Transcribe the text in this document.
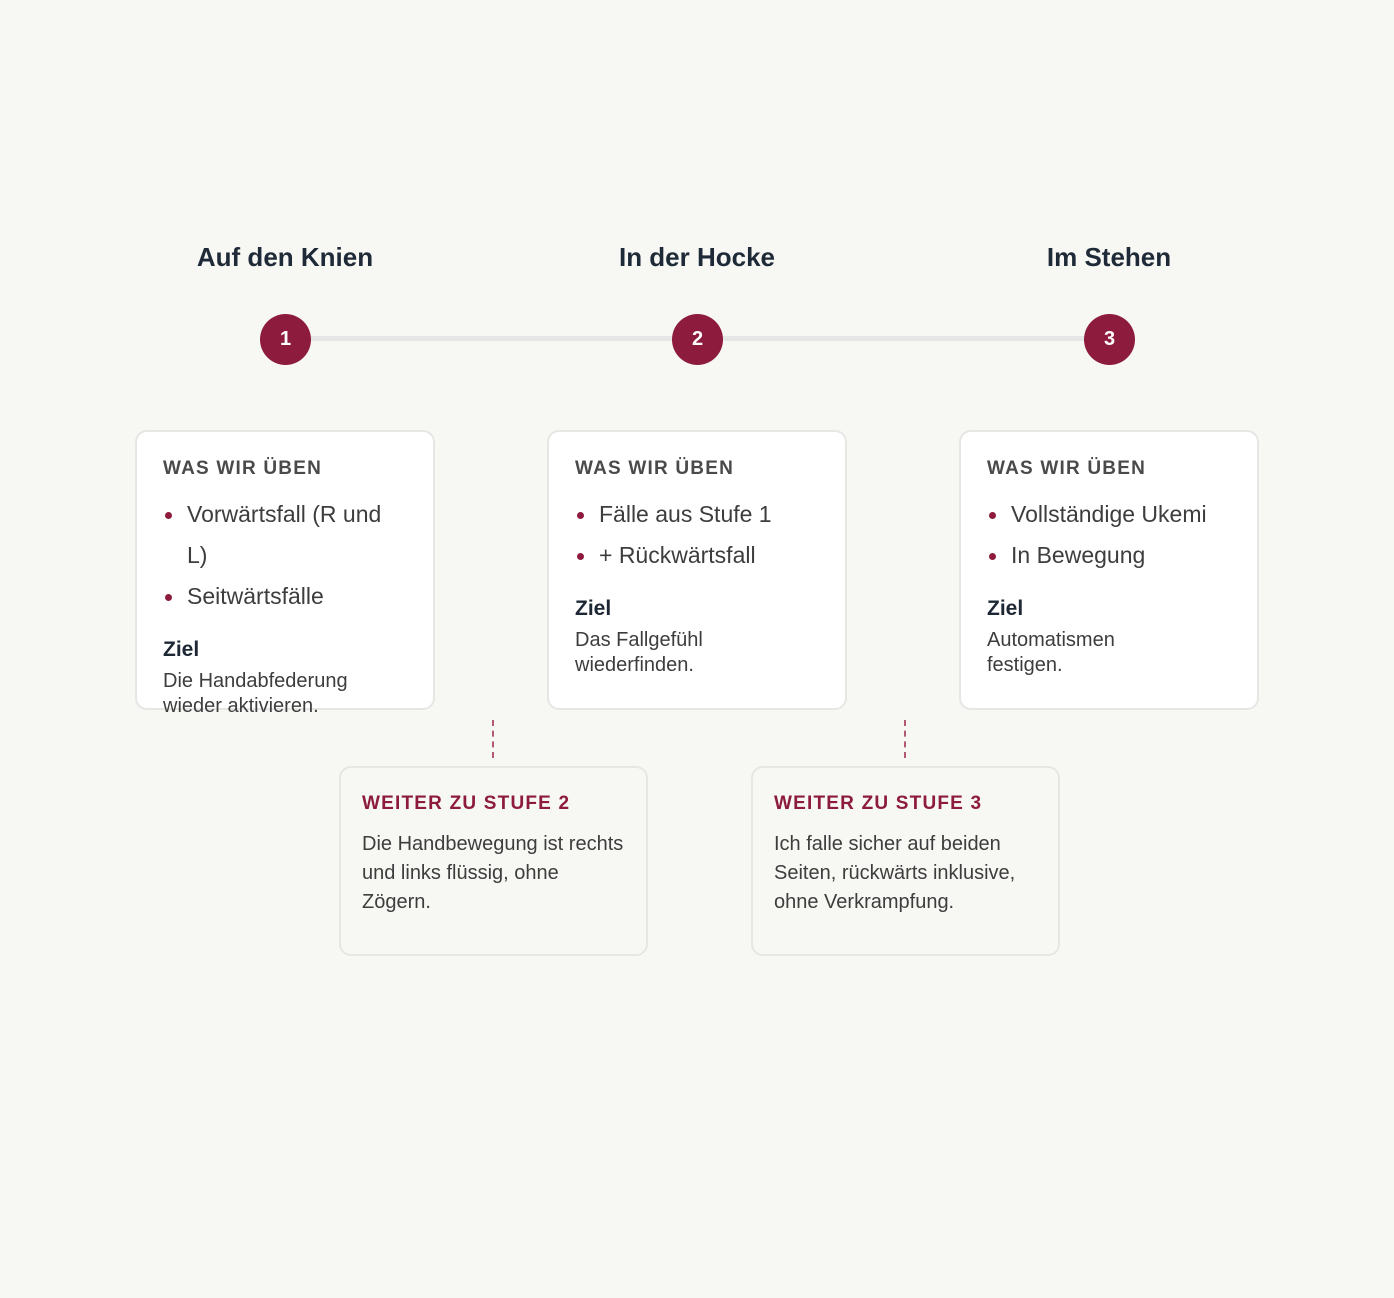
Auf den Knien	In der Hocke	Im Stehen
1	2	3
WAS WIR ÜBEN
Vorwärtsfall (R und L)
Seitwärtsfälle
Ziel
Die Handabfederung wieder aktivieren.
WAS WIR ÜBEN
Fälle aus Stufe 1
+ Rückwärtsfall
Ziel
Das Fallgefühl wiederfinden.
WAS WIR ÜBEN
Vollständige Ukemi
In Bewegung
Ziel
Automatismen festigen.
WEITER ZU STUFE 2
Die Handbewegung ist rechts und links flüssig, ohne Zögern.
WEITER ZU STUFE 3
Ich falle sicher auf beiden Seiten, rückwärts inklusive, ohne Verkrampfung.
